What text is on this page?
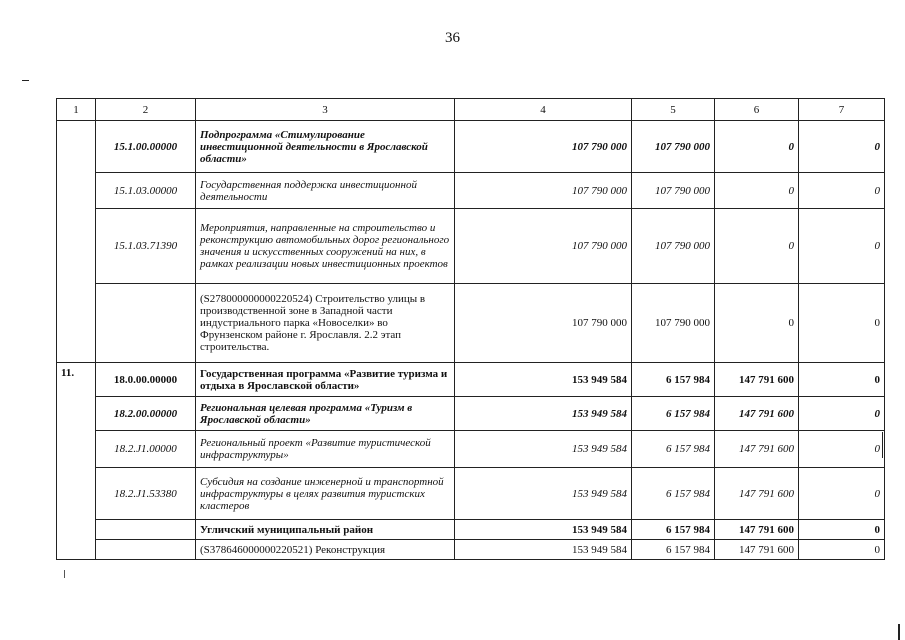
36
1	2	3	4	5	6	7
	15.1.00.00000	Подпрограмма «Стимулирование инвестиционной деятельности в Ярославской области»	107 790 000	107 790 000	0	0
	15.1.03.00000	Государственная поддержка инвестиционной деятельности	107 790 000	107 790 000	0	0
	15.1.03.71390	Мероприятия, направленные на строительство и реконструкцию автомобильных дорог регионального значения и искусственных сооружений на них, в рамках реализации новых инвестиционных проектов	107 790 000	107 790 000	0	0
		(S278000000000220524) Строительство улицы в производственной зоне в Западной части индустриального парка «Новоселки» во Фрунзенском районе г. Ярославля. 2.2 этап строительства.	107 790 000	107 790 000	0	0
11.	18.0.00.00000	Государственная программа «Развитие туризма и отдыха в Ярославской области»	153 949 584	6 157 984	147 791 600	0
	18.2.00.00000	Региональная целевая программа «Туризм в Ярославской области»	153 949 584	6 157 984	147 791 600	0
	18.2.J1.00000	Региональный проект «Развитие туристической инфраструктуры»	153 949 584	6 157 984	147 791 600	0
	18.2.J1.53380	Субсидия на создание инженерной и транспортной инфраструктуры в целях развития туристских кластеров	153 949 584	6 157 984	147 791 600	0
		Угличский муниципальный район	153 949 584	6 157 984	147 791 600	0
		(S378646000000220521) Реконструкция	153 949 584	6 157 984	147 791 600	0
